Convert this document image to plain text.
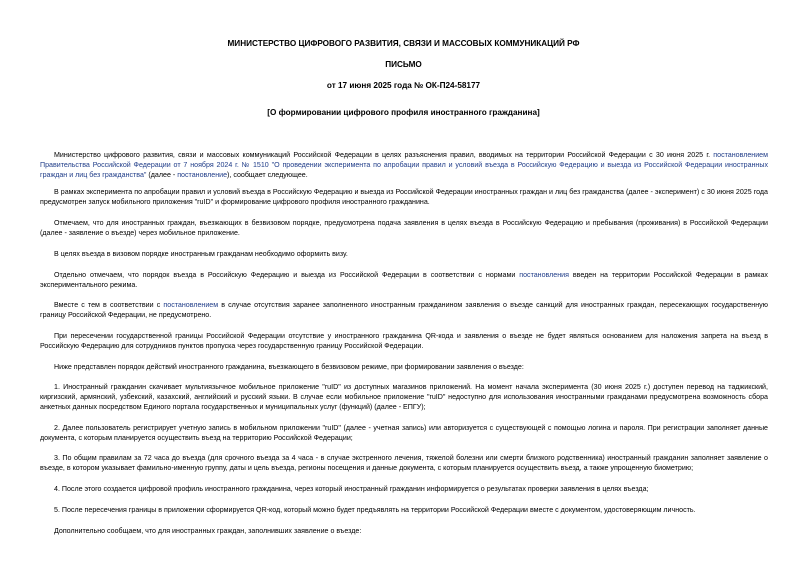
МИНИСТЕРСТВО ЦИФРОВОГО РАЗВИТИЯ, СВЯЗИ И МАССОВЫХ КОММУНИКАЦИЙ РФ
ПИСЬМО
от 17 июня 2025 года № ОК-П24-58177
[О формировании цифрового профиля иностранного гражданина]

Министерство цифрового развития, связи и массовых коммуникаций Российской Федерации в целях разъяснения правил, вводимых на территории Российской Федерации с 30 июня 2025 г. постановлением Правительства Российской Федерации от 7 ноября 2024 г. № 1510 "О проведении эксперимента по апробации правил и условий въезда в Российскую Федерацию и выезда из Российской Федерации иностранных граждан и лиц без гражданства" (далее - постановление), сообщает следующее.

В рамках эксперимента по апробации правил и условий въезда в Российскую Федерацию и выезда из Российской Федерации иностранных граждан и лиц без гражданства (далее - эксперимент) с 30 июня 2025 года предусмотрен запуск мобильного приложения "ruID" и формирование цифрового профиля иностранного гражданина.

Отмечаем, что для иностранных граждан, въезжающих в безвизовом порядке, предусмотрена подача заявления в целях въезда в Российскую Федерацию и пребывания (проживания) в Российской Федерации (далее - заявление о въезде) через мобильное приложение.

В целях въезда в визовом порядке иностранным гражданам необходимо оформить визу.

Отдельно отмечаем, что порядок въезда в Российскую Федерацию и выезда из Российской Федерации в соответствии с нормами постановления введен на территории Российской Федерации в рамках экспериментального режима.

Вместе с тем в соответствии с постановлением в случае отсутствия заранее заполненного иностранным гражданином заявления о въезде санкций для иностранных граждан, пересекающих государственную границу Российской Федерации, не предусмотрено.

При пересечении государственной границы Российской Федерации отсутствие у иностранного гражданина QR-кода и заявления о въезде не будет являться основанием для наложения запрета на въезд в Российскую Федерацию для сотрудников пунктов пропуска через государственную границу Российской Федерации.

Ниже представлен порядок действий иностранного гражданина, въезжающего в безвизовом режиме, при формировании заявления о въезде:

1. Иностранный гражданин скачивает мультиязычное мобильное приложение "ruID" из доступных магазинов приложений. На момент начала эксперимента (30 июня 2025 г.) доступен перевод на таджикский, киргизский, армянский, узбекский, казахский, английский и русский языки. В случае если мобильное приложение "ruID" недоступно для использования иностранными гражданами предусмотрена возможность сбора анкетных данных посредством Единого портала государственных и муниципальных услуг (функций) (далее - ЕПГУ);

2. Далее пользователь регистрирует учетную запись в мобильном приложении "ruID" (далее - учетная запись) или авторизуется с существующей с помощью логина и пароля. При регистрации заполняет данные документа, с которым планируется осуществить въезд на территорию Российской Федерации;

3. По общим правилам за 72 часа до въезда (для срочного въезда за 4 часа - в случае экстренного лечения, тяжелой болезни или смерти близкого родственника) иностранный гражданин заполняет заявление о въезде, в котором указывает фамильно-именную группу, даты и цель въезда, регионы посещения и данные документа, с которым планируется осуществить въезд, а также упрощенную биометрию;

4. После этого создается цифровой профиль иностранного гражданина, через который иностранный гражданин информируется о результатах проверки заявления в целях въезда;

5. После пересечения границы в приложении сформируется QR-код, который можно будет предъявлять на территории Российской Федерации вместе с документом, удостоверяющим личность.

Дополнительно сообщаем, что для иностранных граждан, заполнивших заявление о въезде:
